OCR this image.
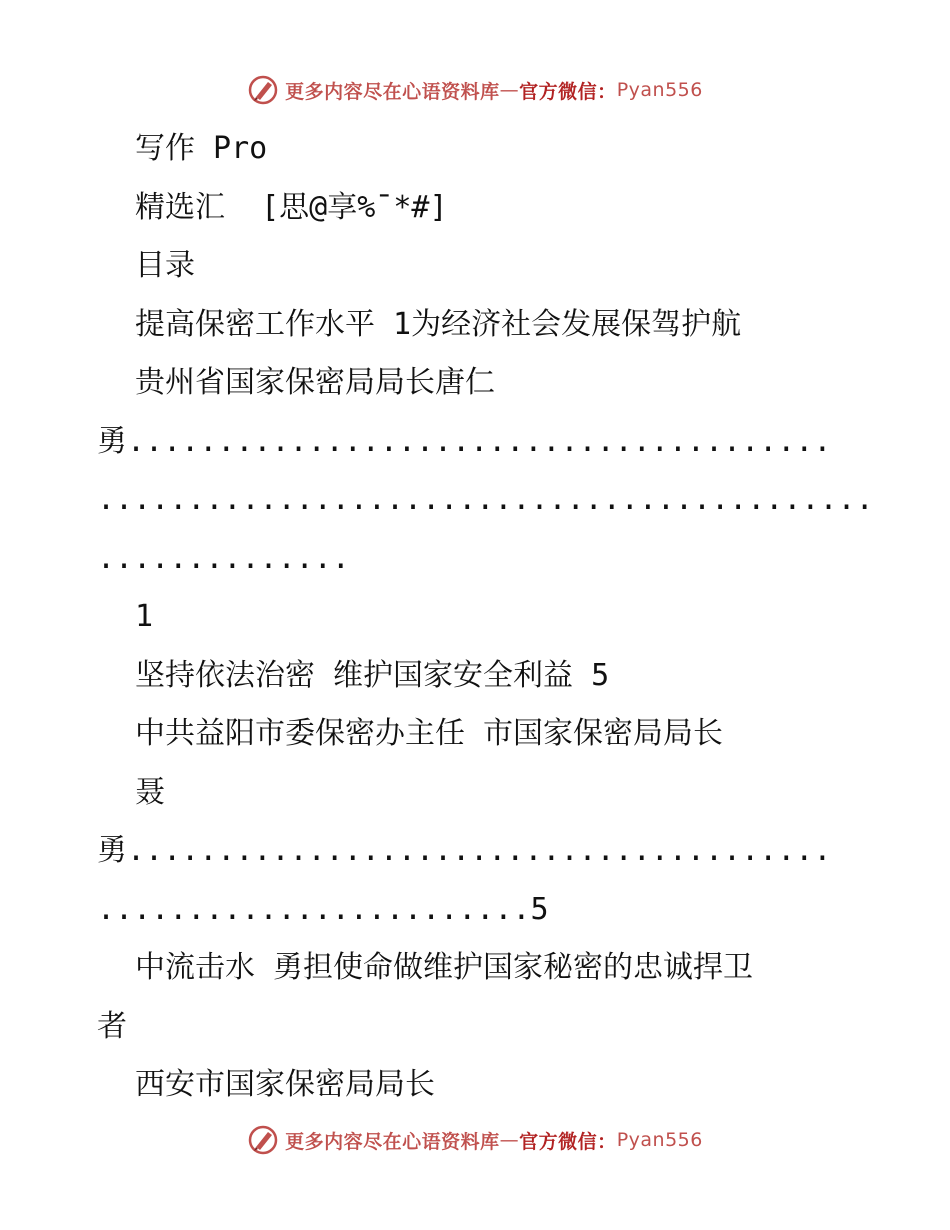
更多内容尽在心语资料库 — 官方微信： Pyan556
写作 Pro
精选汇  [思@享%¯*#]
目录
提高保密工作水平 1为经济社会发展保驾护航
贵州省国家保密局局长唐仁
勇.......................................
...........................................
..............
1
坚持依法治密 维护国家安全利益 5
中共益阳市委保密办主任 市国家保密局局长
聂
勇.......................................
........................5
中流击水 勇担使命做维护国家秘密的忠诚捍卫
者
西安市国家保密局局长
更多内容尽在心语资料库 — 官方微信： Pyan556
